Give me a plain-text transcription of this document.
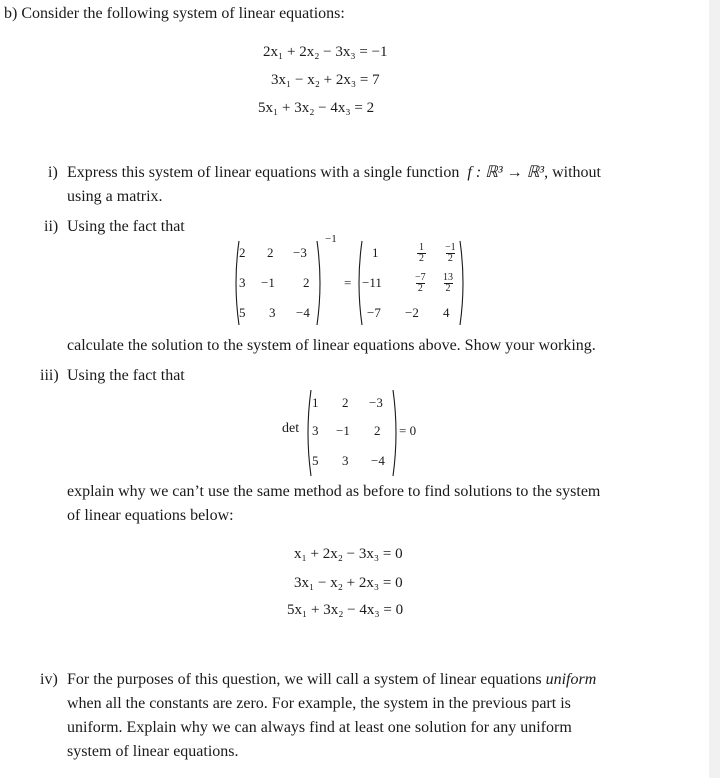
b) Consider the following system of linear equations:
2x₁ + 2x₂ − 3x₃ = −1
3x₁ − x₂ + 2x₃ = 7
5x₁ + 3x₂ − 4x₃ = 2
i) Express this system of linear equations with a single function f : ℝ³ → ℝ³, without
using a matrix.
ii) Using the fact that
2 2 −3
3 −1 2
5 3 −4
−1
=
1	1
2
−1
2
−11	−7
2
13
2
−7 −2 4
calculate the solution to the system of linear equations above. Show your working.
iii) Using the fact that
det
1 2 −3
3 −1 2
5 3 −4
= 0
explain why we can’t use the same method as before to find solutions to the system
of linear equations below:
x₁ + 2x₂ − 3x₃ = 0
3x₁ − x₂ + 2x₃ = 0
5x₁ + 3x₂ − 4x₃ = 0
iv) For the purposes of this question, we will call a system of linear equations uniform
when all the constants are zero. For example, the system in the previous part is
uniform. Explain why we can always find at least one solution for any uniform
system of linear equations.
